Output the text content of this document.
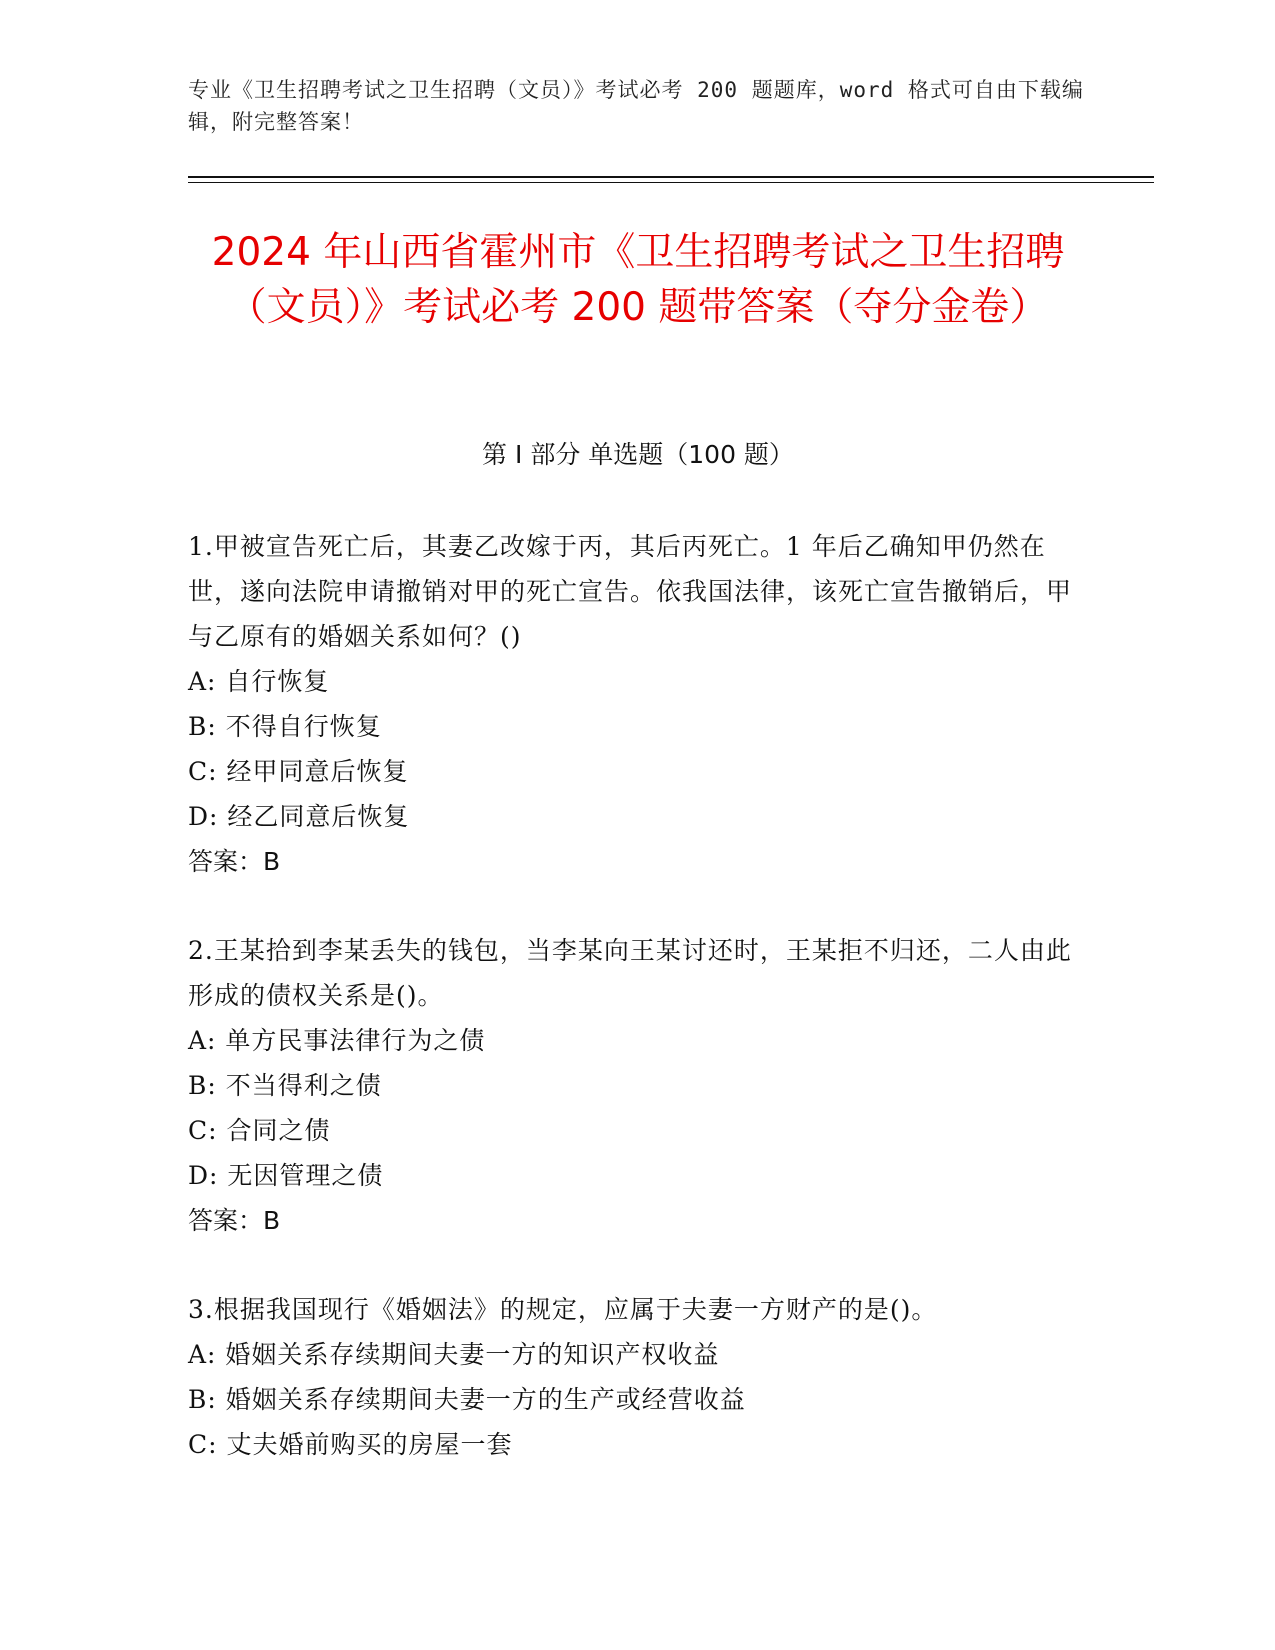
专业《卫生招聘考试之卫生招聘（文员）》考试必考 200 题题库，word 格式可自由下载编辑，附完整答案！
2024 年山西省霍州市《卫生招聘考试之卫生招聘（文员）》考试必考 200 题带答案（夺分金卷）
第 I 部分 单选题（100 题）
1.甲被宣告死亡后，其妻乙改嫁于丙，其后丙死亡。1 年后乙确知甲仍然在世，遂向法院申请撤销对甲的死亡宣告。依我国法律，该死亡宣告撤销后，甲与乙原有的婚姻关系如何？()
A: 自行恢复
B: 不得自行恢复
C: 经甲同意后恢复
D: 经乙同意后恢复
答案：B
2.王某拾到李某丢失的钱包，当李某向王某讨还时，王某拒不归还，二人由此形成的债权关系是()。
A: 单方民事法律行为之债
B: 不当得利之债
C: 合同之债
D: 无因管理之债
答案：B
3.根据我国现行《婚姻法》的规定，应属于夫妻一方财产的是()。
A: 婚姻关系存续期间夫妻一方的知识产权收益
B: 婚姻关系存续期间夫妻一方的生产或经营收益
C: 丈夫婚前购买的房屋一套
